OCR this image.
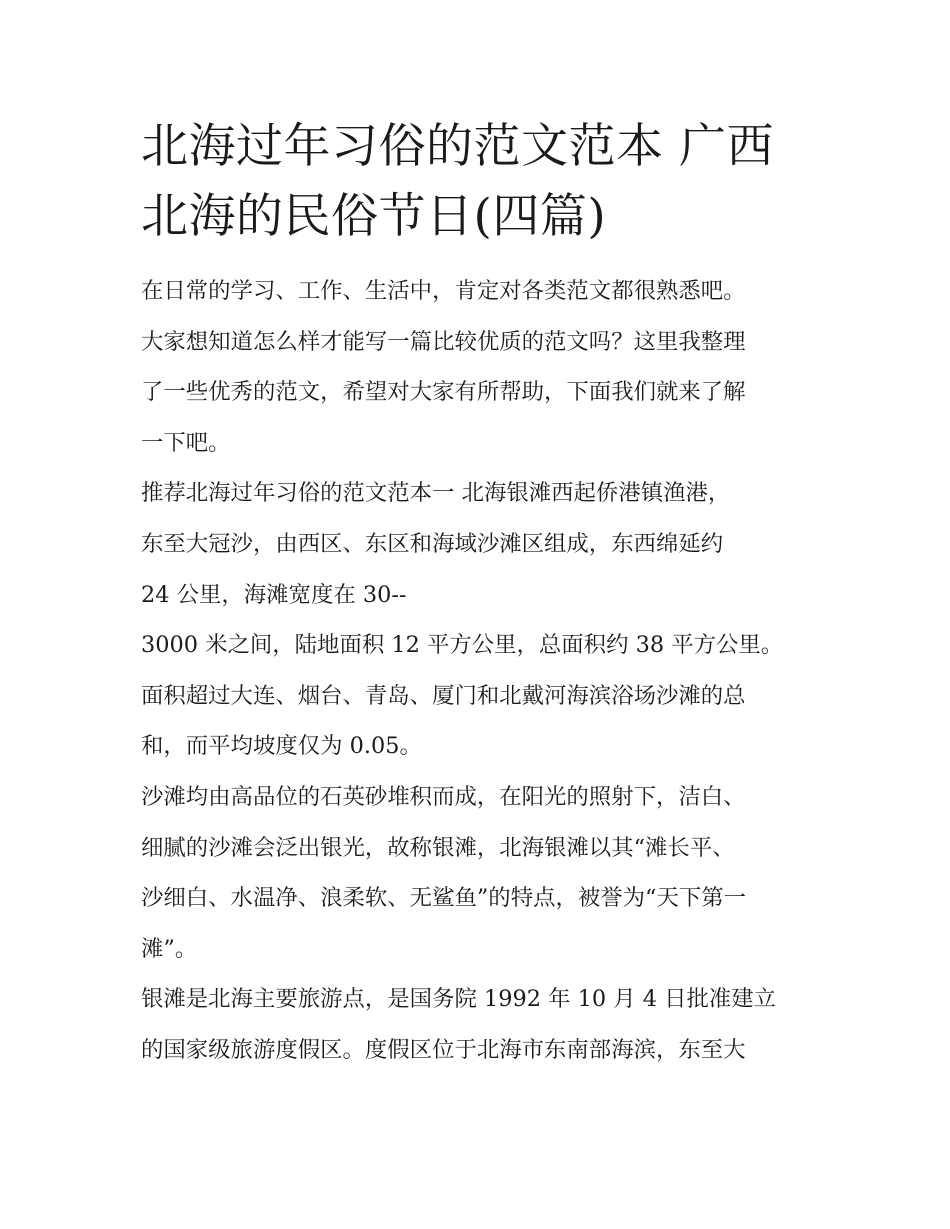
北海过年习俗的范文范本 广西
北海的民俗节日(四篇)
在日常的学习、工作、生活中，肯定对各类范文都很熟悉吧。
大家想知道怎么样才能写一篇比较优质的范文吗？这里我整理
了一些优秀的范文，希望对大家有所帮助，下面我们就来了解
一下吧。
推荐北海过年习俗的范文范本一 北海银滩西起侨港镇渔港，
东至大冠沙，由西区、东区和海域沙滩区组成，东西绵延约
24 公里，海滩宽度在 30--
3000 米之间，陆地面积 12 平方公里，总面积约 38 平方公里。
面积超过大连、烟台、青岛、厦门和北戴河海滨浴场沙滩的总
和，而平均坡度仅为 0.05。
沙滩均由高品位的石英砂堆积而成，在阳光的照射下，洁白、
细腻的沙滩会泛出银光，故称银滩，北海银滩以其“滩长平、
沙细白、水温净、浪柔软、无鲨鱼”的特点，被誉为“天下第一
滩”。
银滩是北海主要旅游点，是国务院 1992 年 10 月 4 日批准建立
的国家级旅游度假区。度假区位于北海市东南部海滨，东至大
